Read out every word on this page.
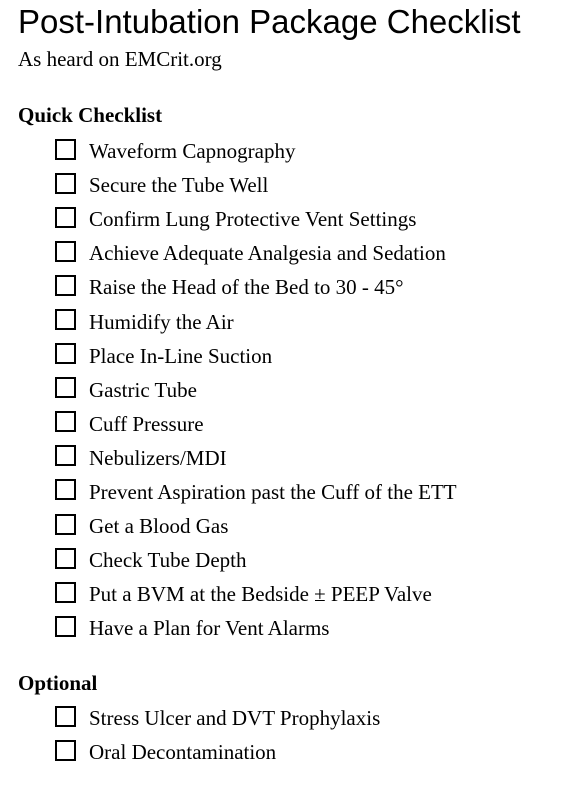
Post-Intubation Package Checklist
As heard on EMCrit.org
Quick Checklist
Waveform Capnography
Secure the Tube Well
Confirm Lung Protective Vent Settings
Achieve Adequate Analgesia and Sedation
Raise the Head of the Bed to 30 - 45°
Humidify the Air
Place In-Line Suction
Gastric Tube
Cuff Pressure
Nebulizers/MDI
Prevent Aspiration past the Cuff of the ETT
Get a Blood Gas
Check Tube Depth
Put a BVM at the Bedside ± PEEP Valve
Have a Plan for Vent Alarms
Optional
Stress Ulcer and DVT Prophylaxis
Oral Decontamination
